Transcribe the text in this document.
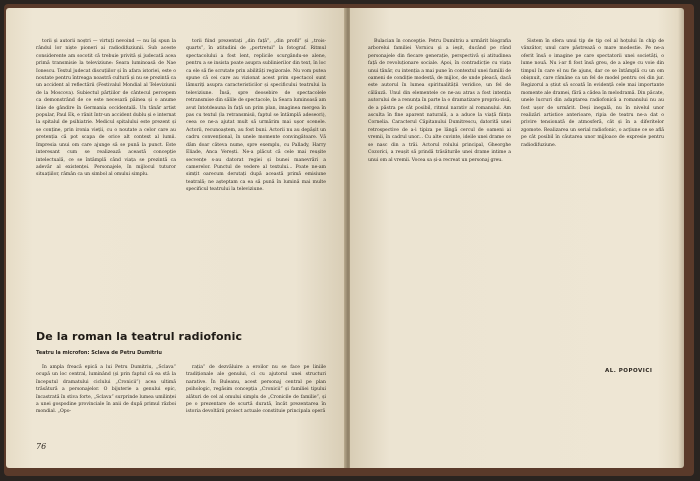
torii și autorii noștri — virtuți nevoind — nu își spun la rândul lor niște pioneri ai radiodifuziunii. Sub aceste considerente am socotit că trebuie privită și judecată acea primă transmisie la televiziune: Seara luminoasă de Nae Ionescu. Textul judecat discuțiilor și în afara istoriei, este o noutate pentru întreaga noastră cultură și nu se prezintă ca un accident al reflectării (Festivalul Mondial al Televiziunii de la Moscova). Subiectul părțiilor de cântecul percepem ca demonstrând de ce este necesară pâinea și o anume linie de gândire în Germania occidentală. Un tânăr artist popular, Paul Ek, e rănit într-un accident dublu și e internat la spitalul de psihiatrie. Medicul spitalului este prezent și se conține, prin ironia vieții, cu o noutate a celor care au pretenția că pot scapa de orice alt context al lumii. Impresia unui om care ajunge să se pună la punct. Este interesant cum se realizează această concepție intelectuală, ce se întâmplă când viața se prezintă ca adevăr al existenței. Personajele, în mijlocul tuturor situațiilor, rămân ca un simbol al omului simplu.

torii fiind prezentați „din față”, „din profil” și „trois-quarts”, în atitudini de „portretul” la fotograf. Ritmul spectacolului a fost lent, replicile scurgându-se alene, pentru a se insista poate asupra sublinierilor din text, în loc ca ele să fie scrutate prin abilități regizorale. Nu vom putea spune că cei care au vizionat acest prim spectacol sunt lămuriți asupra caracteristicilor și specificului teatrului la televiziune. Însă, spre deosebire de spectacolele retransmise din sălile de spectacole, la Seara luminoasă am avut întotdeauna în față un prim plan, imaginea mergea în pas cu textul (la retransmisii, faptul se întâmplă adeseori), ceea ce ne-a ajutat mult să urmărim mai ușor scenele. Actorii, recunoaștem, au fost buni. Actorii nu au depășit un cadru convențional, în unele momente convingătoare. Vă dăm doar câteva nume, spre exemplu, cu Pallady, Harry Eliade, Anca Verești. Ne-a plăcut că cele mai reușite secvențe s-au datorat regiei și bunei manevrări a camerelor. Punctul de vedere al textului... Poate ne-am simțit oarecum derutați după această primă emisiune teatrală; ne așteptam ca ea să pună în lumină mai multe specificul teatrului la televiziune.

De la roman la teatrul radiofonic
Teatru la microfon: Sclava de Petru Dumitriu

În ampla freacă epică a lui Petru Dumitriu, „Sclava” ocupă un loc central, luminând (și prin faptul că ea stă la începutul dramatului ciclului „Cronicii”) acea ultimă trăsătură a personajelor. O bijuterie a genului epic, încastrată în stiva forte, „Sclava” surprinde lumea umilinței a unei gospodine provinciale în anii de după primul război mondial. „Opo-

rația” de dezvăluire a eroilor nu se face pe liniile tradiționale ale genului, ci cu ajutorul unei structuri narative. În Buleanu, acest personaj central pe plan psihologic, regăsim concepția „Cronicii” și familiei tipului alături de cel al omului simplu de „Cronicile de familie”, și pe o prezentare de scurtă durată, încât prezentarea în istoria devoltării proiect actuale constituie principala operă

76

Bulacian în concepție. Petru Dumitriu a urmărit biografia arborelui familiei Vornicu și a ieșit, ducând pe rând personajele din fiecare generație, perspectivă și atitudinea față de revoluționare sociale. Apoi, în contradicție cu viața unui tânăr, cu intenția a mai pune în contextul unei familii de oameni de condiție modestă, de mijloc, de unde pleacă, dacă este autorul în lumea spiritualității veridice, un fel de călăuză. Unul din elementele ce ne-au atras a fost intenția autorului de a renunța în parte la o dramatizare propriu-zisă, de a păstra pe cât posibil, ritmul narativ al romanului. Am asculta în fine aparent naturală, a a aduce la viață ființa Cornelia. Caracterul Căpitanului Dumitrescu, datorită unei retrospective de a-i tipiza pe lângă cercul de oameni ai vremii, în cadrul unor... Cu alte cuvinte, ideile unei drame ce se nasc din a trăi. Actorul rolului principal, Gheorghe Cozorici, a reușit să prindă trăsăturile unei drame intime a unui om al vremii. Vocea sa și-a recreat un personaj greu.

Sistem în sfera unui tip de tip cel al hoțului în chip de vânzător, unul care păstrează o mare modestie. Pe ne-a oferit însă o imagine pe care spectatorii unei societăți, o lume nouă. Nu i-ar fi fost însă greu, de a alege cu voie din timpul în care el nu fie ajuns, dar ce se întâmplă cu un om obișnuit, care rămâne ca un fel de model pentru cei din jur. Regizorul a știut să scoată în evidență cele mai importante momente ale dramei, fără a cădea în melodramă. Din păcate, unele lucruri din adaptarea radiofonică a romanului nu au fost ușor de urmărit. Deși inegală, nu în nivelul unor realizări artistice anterioare, ripia de teatru ne-a dat o privire tensionată de atmosferă, cât și în a diferitelor zgomote. Realizarea un serial radiofonic, o acțiune ce se află pe cât posibil în căutarea unor mijloace de expresie pentru radiodifuziune.

AL. POPOVICI
